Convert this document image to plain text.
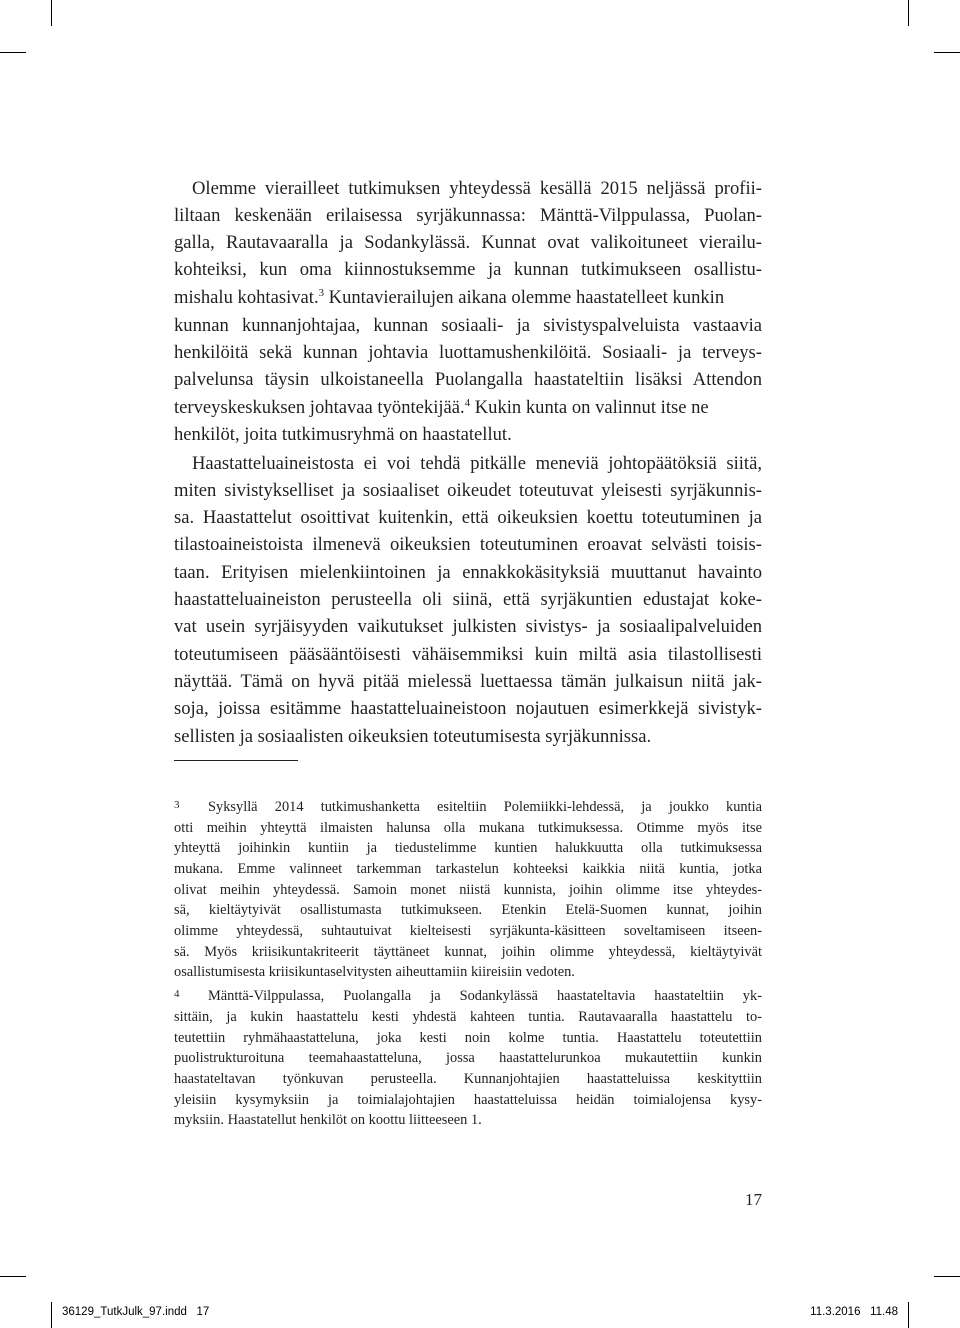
Olemme vierailleet tutkimuksen yhteydessä kesällä 2015 neljässä profii-
liltaan keskenään erilaisessa syrjäkunnassa: Mänttä-Vilppulassa, Puolan-
galla, Rautavaaralla ja Sodankylässä. Kunnat ovat valikoituneet vierailu-
kohteiksi, kun oma kiinnostuksemme ja kunnan tutkimukseen osallistu-
mishalu kohtasivat.$^3$ Kuntavierailujen aikana olemme haastatelleet kunkin
kunnan kunnanjohtajaa, kunnan sosiaali- ja sivistyspalveluista vastaavia
henkilöitä sekä kunnan johtavia luottamushenkilöitä. Sosiaali- ja terveys-
palvelunsa täysin ulkoistaneella Puolangalla haastateltiin lisäksi Attendon
terveyskeskuksen johtavaa työntekijää.$^4$ Kukin kunta on valinnut itse ne
henkilöt, joita tutkimusryhmä on haastatellut.
Haastatteluaineistosta ei voi tehdä pitkälle meneviä johtopäätöksiä siitä,
miten sivistykselliset ja sosiaaliset oikeudet toteutuvat yleisesti syrjäkunnis-
sa. Haastattelut osoittivat kuitenkin, että oikeuksien koettu toteutuminen ja
tilastoaineistoista ilmenevä oikeuksien toteutuminen eroavat selvästi toisis-
taan. Erityisen mielenkiintoinen ja ennakkokäsityksiä muuttanut havainto
haastatteluaineiston perusteella oli siinä, että syrjäkuntien edustajat koke-
vat usein syrjäisyyden vaikutukset julkisten sivistys- ja sosiaalipalveluiden
toteutumiseen pääsääntöisesti vähäisemmiksi kuin miltä asia tilastollisesti
näyttää. Tämä on hyvä pitää mielessä luettaessa tämän julkaisun niitä jak-
soja, joissa esitämme haastatteluaineistoon nojautuen esimerkkejä sivistyk-
sellisten ja sosiaalisten oikeuksien toteutumisesta syrjäkunnissa.
3	Syksyllä 2014 tutkimushanketta esiteltiin Polemiikki-lehdessä, ja joukko kuntia
otti meihin yhteyttä ilmaisten halunsa olla mukana tutkimuksessa. Otimme myös itse
yhteyttä joihinkin kuntiin ja tiedustelimme kuntien halukkuutta olla tutkimuksessa
mukana. Emme valinneet tarkemman tarkastelun kohteeksi kaikkia niitä kuntia, jotka
olivat meihin yhteydessä. Samoin monet niistä kunnista, joihin olimme itse yhteydes-
sä, kieltäytyivät osallistumasta tutkimukseen. Etenkin Etelä-Suomen kunnat, joihin
olimme yhteydessä, suhtautuivat kielteisesti syrjäkunta-käsitteen soveltamiseen itseen-
sä. Myös kriisikuntakriteerit täyttäneet kunnat, joihin olimme yhteydessä, kieltäytyivät
osallistumisesta kriisikuntaselvitysten aiheuttamiin kiireisiin vedoten.
4	Mänttä-Vilppulassa, Puolangalla ja Sodankylässä haastateltavia haastateltiin yk-
sittäin, ja kukin haastattelu kesti yhdestä kahteen tuntia. Rautavaaralla haastattelu to-
teutettiin ryhmähaastatteluna, joka kesti noin kolme tuntia. Haastattelu toteutettiin
puolistrukturoituna teemahaastatteluna, jossa haastattelurunkoa mukautettiin kunkin
haastateltavan työnkuvan perusteella. Kunnanjohtajien haastatteluissa keskityttiin
yleisiin kysymyksiin ja toimialajohtajien haastatteluissa heidän toimialojensa kysy-
myksiin. Haastatellut henkilöt on koottu liitteeseen 1.
17
36129_TutkJulk_97.indd   17	11.3.2016   11.48
